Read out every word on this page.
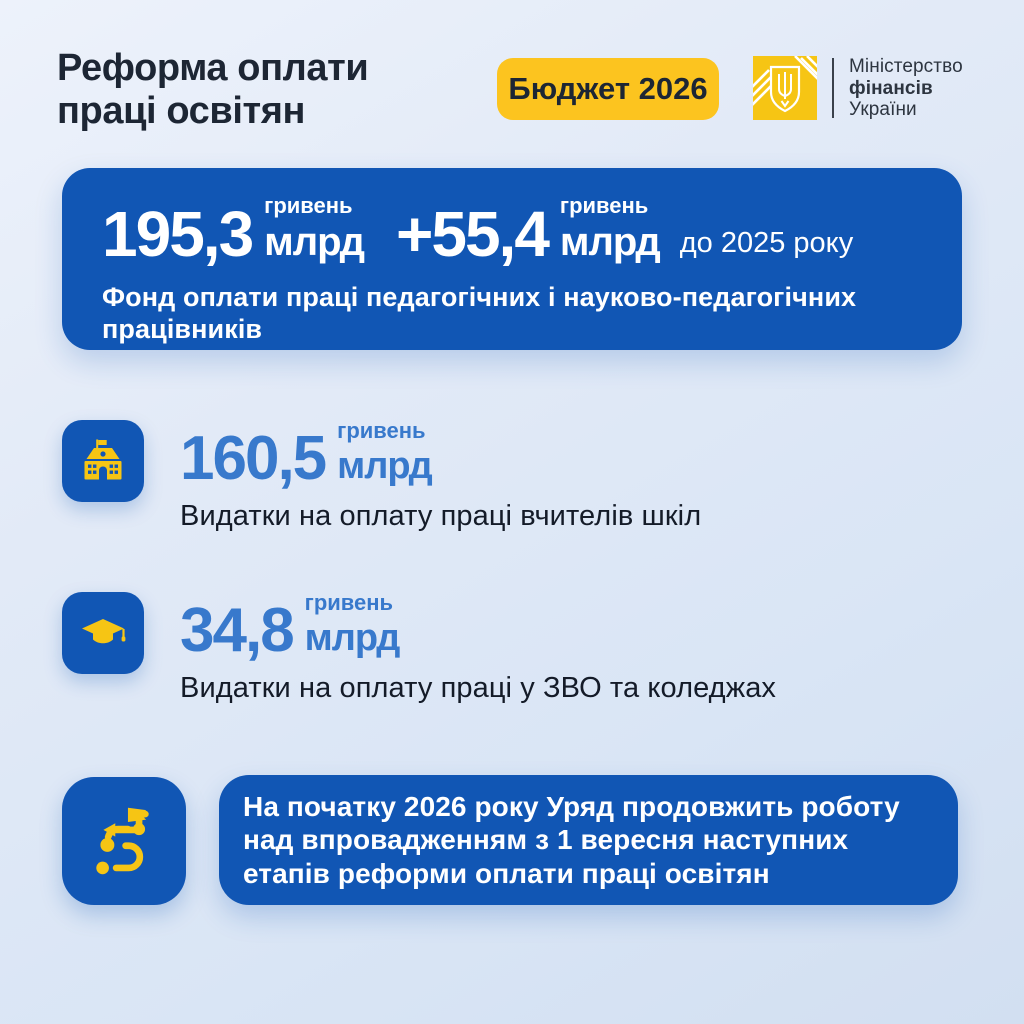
Реформа оплати
праці освітян
Бюджет 2026
Міністерство
фінансів
України
195,3 гривень
млрд +55,4 гривень
млрд до 2025 року

Фонд оплати праці педагогічних і науково-педагогічних працівників

160,5 гривень
млрд
Видатки на оплату праці вчителів шкіл
34,8 гривень
млрд
Видатки на оплату праці у ЗВО та коледжах
На початку 2026 року Уряд продовжить роботу над впровадженням з 1 вересня наступних етапів реформи оплати праці освітян
